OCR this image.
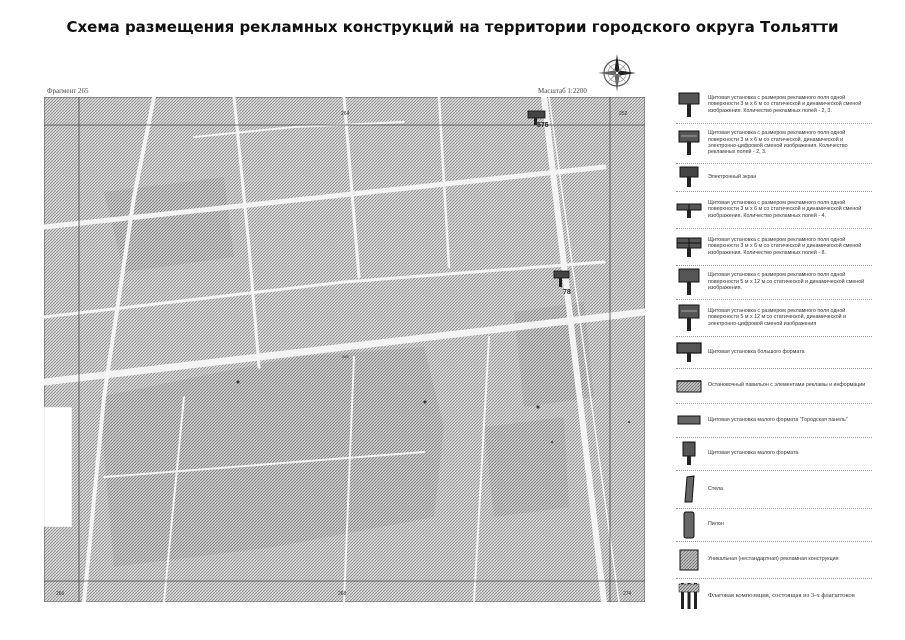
Схема размещения рекламных конструкций на территории городского округа Тольятти
Фрагмент 265	Масштаб 1:2200
575
78
265
264	252
266	268	274
Щитовая установка с размером рекламного поля одной поверхности 3 м х 6 м со статической и динамической сменой изображения. Количество рекламных полей - 2, 3.
Щитовая установка с размером рекламного поля одной поверхности 3 м х 6 м со статической, динамической и электронно-цифровой сменой изображения. Количество рекламных полей - 2, 3.
Электронный экран
Щитовая установка с размером рекламного поля одной поверхности 3 м х 6 м со статической и динамической сменой изображения. Количество рекламных полей - 4.
Щитовая установка с размером рекламного поля одной поверхности 3 м х 6 м со статической и динамической сменой изображения. Количество рекламных полей - 8.
Щитовая установка с размером рекламного поля одной поверхности 5 м х 12 м со статической и динамической сменой изображения.
Щитовая установка с размером рекламного поля одной поверхности 5 м х 12 м со статической, динамической и электронно-цифровой сменой изображения
Щитовая установка большого формата
Остановочный павильон с элементами рекламы и информации
Щитовая установка малого формата "Городская панель"
Щитовая установка малого формата
Стела
Пилон
Уникальная (нестандартная) рекламная конструкция
Флаговая композиция, состоящая из 3-х флагштоков
